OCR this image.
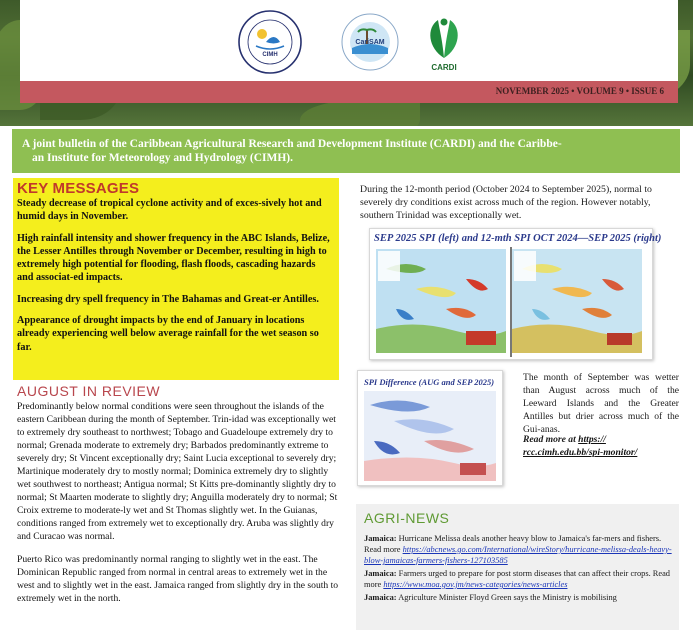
CIMH
CariSAM
CARDI
NOVEMBER 2025 • VOLUME 9 • ISSUE 6
A joint bulletin of the Caribbean Agricultural Research and Development Institute (CARDI) and the Caribbe-
an Institute for Meteorology and Hydrology (CIMH).
KEY MESSAGES

Steady decrease of tropical cyclone activity and of exces-sively hot and humid days in November.

High rainfall intensity and shower frequency in the ABC Islands, Belize, the Lesser Antilles through November or December, resulting in high to extremely high potential for flooding, flash floods, cascading hazards and associat-ed impacts.

Increasing dry spell frequency in The Bahamas and Great-er Antilles.

Appearance of drought impacts by the end of January in locations already experiencing well below average rainfall for the wet season so far.

AUGUST IN REVIEW

Predominantly below normal conditions were seen throughout the islands of the eastern Caribbean during the month of September. Trin-idad was exceptionally wet to extremely dry southeast to northwest; Tobago and Guadeloupe extremely dry to normal; Grenada moderate to extremely dry; Barbados predominantly extreme to severely dry; St Vincent exceptionally dry; Saint Lucia exceptional to severely dry; Martinique moderately dry to mostly normal; Dominica extremely dry to slightly wet southwest to northeast; Antigua normal; St Kitts pre-dominantly slightly dry to normal; St Maarten moderate to slightly dry; Anguilla moderately dry to normal; St Croix extreme to moderate-ly wet and St Thomas slightly wet. In the Guianas, conditions ranged from extremely wet to exceptionally dry. Aruba was slightly dry and Curacao was normal.

Puerto Rico was predominantly normal ranging to slightly wet in the east. The Dominican Republic ranged from normal in central areas to extremely wet in the west and to slightly wet in the east. Jamaica ranged from slightly dry in the south to extremely wet in the north.

During the 12-month period (October 2024 to September 2025), normal to severely dry conditions exist across much of the region. However notably, southern Trinidad was exceptionally wet.
SEP 2025 SPI (left) and 12-mth SPI OCT 2024—SEP 2025 (right)
SPI Difference (AUG and SEP 2025)	The month of September was wetter than August across much of the Leeward Islands and the Greater Antilles but drier across much of the Gui-anas.
Read more at https:// rcc.cimh.edu.bb/spi-monitor/
AGRI-NEWS
Jamaica: Hurricane Melissa deals another heavy blow to Jamaica's far-mers and fishers. Read more https://abcnews.go.com/International/wireStory/hurricane-melissa-deals-heavy-blow-jamaicas-farmers-fishers-127103585
Jamaica: Farmers urged to prepare for post storm diseases that can affect their crops. Read more https://www.moa.gov.jm/news-categories/news-articles
Jamaica: Agriculture Minister Floyd Green says the Ministry is mobilising
